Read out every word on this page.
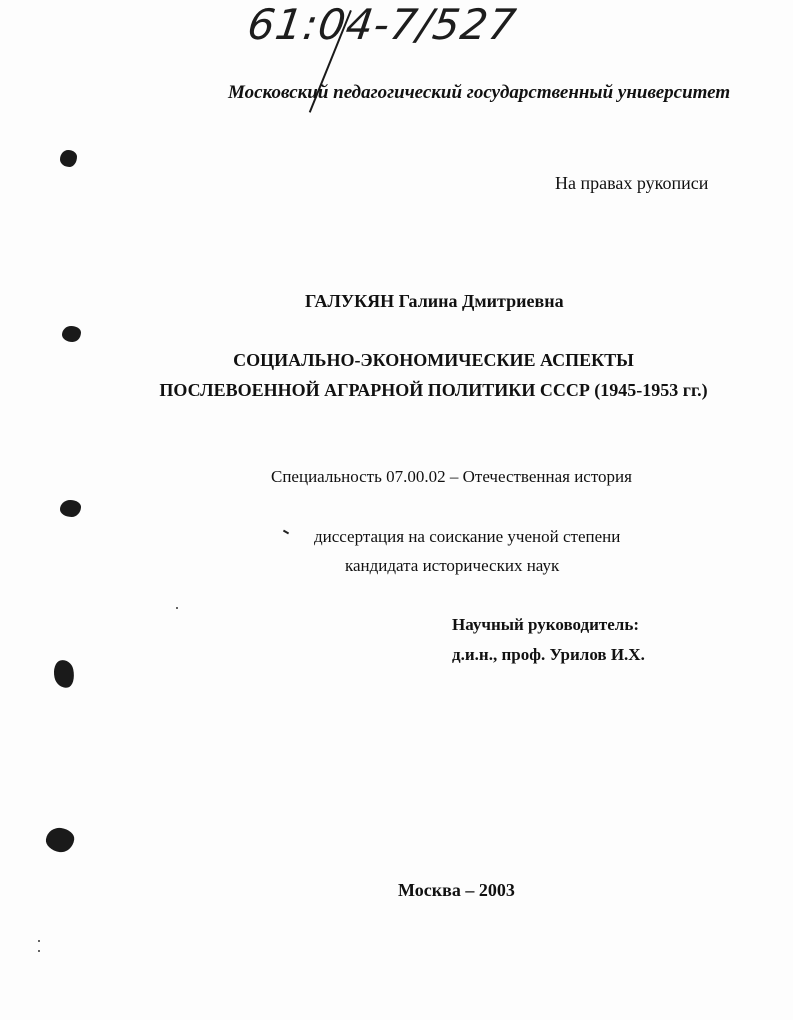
61:04-7/527
Московский педагогический государственный университет
На правах рукописи
ГАЛУКЯН Галина Дмитриевна
СОЦИАЛЬНО-ЭКОНОМИЧЕСКИЕ АСПЕКТЫ
ПОСЛЕВОЕННОЙ АГРАРНОЙ ПОЛИТИКИ СССР (1945-1953 гг.)
Специальность 07.00.02 – Отечественная история
диссертация на соискание ученой степени
кандидата исторических наук
Научный руководитель:
д.и.н., проф. Урилов И.Х.
Москва – 2003
